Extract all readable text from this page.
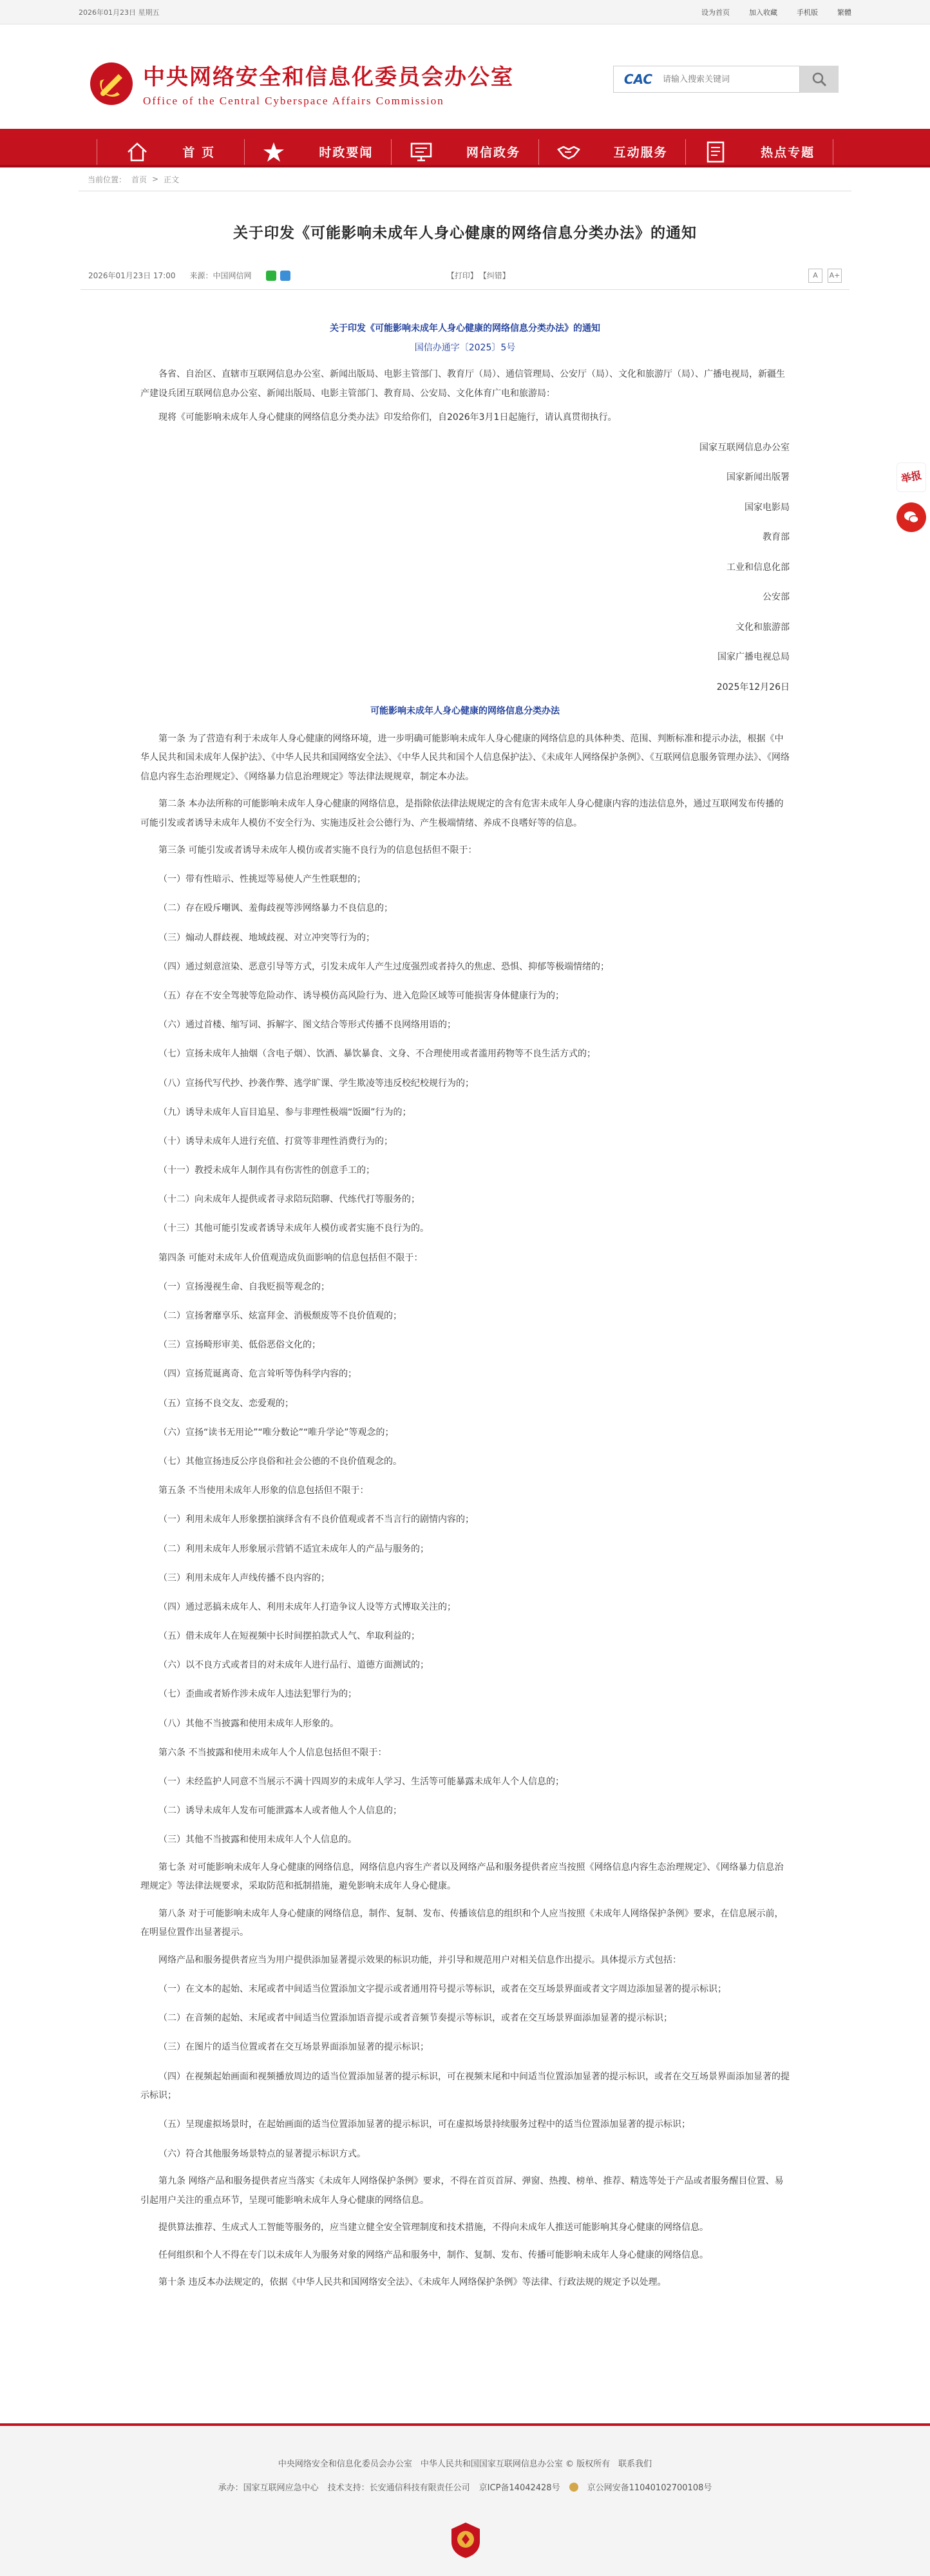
2026年01月23日 星期五	设为首页	加入收藏	手机版	繁體
中央网络安全和信息化委员会办公室
Office of the Central Cyberspace Affairs Commission
CAC
请输入搜索关键词
首 页	时政要闻	网信政务	互动服务	热点专题
当前位置： 首页 > 正文
关于印发《可能影响未成年人身心健康的网络信息分类办法》的通知
2026年01月23日 17:00 来源：中国网信网	【打印】 【纠错】	A	A+

关于印发《可能影响未成年人身心健康的网络信息分类办法》的通知

国信办通字〔2025〕5号

各省、自治区、直辖市互联网信息办公室、新闻出版局、电影主管部门、教育厅（局）、通信管理局、公安厅（局）、文化和旅游厅（局）、广播电视局，新疆生产建设兵团互联网信息办公室、新闻出版局、电影主管部门、教育局、公安局、文化体育广电和旅游局：

现将《可能影响未成年人身心健康的网络信息分类办法》印发给你们，自2026年3月1日起施行，请认真贯彻执行。

国家互联网信息办公室

国家新闻出版署

国家电影局

教育部

工业和信息化部

公安部

文化和旅游部

国家广播电视总局

2025年12月26日

可能影响未成年人身心健康的网络信息分类办法

第一条 为了营造有利于未成年人身心健康的网络环境，进一步明确可能影响未成年人身心健康的网络信息的具体种类、范围、判断标准和提示办法，根据《中华人民共和国未成年人保护法》、《中华人民共和国网络安全法》、《中华人民共和国个人信息保护法》、《未成年人网络保护条例》、《互联网信息服务管理办法》、《网络信息内容生态治理规定》、《网络暴力信息治理规定》等法律法规规章，制定本办法。

第二条 本办法所称的可能影响未成年人身心健康的网络信息，是指除依法律法规规定的含有危害未成年人身心健康内容的违法信息外，通过互联网发布传播的可能引发或者诱导未成年人模仿不安全行为、实施违反社会公德行为、产生极端情绪、养成不良嗜好等的信息。

第三条 可能引发或者诱导未成年人模仿或者实施不良行为的信息包括但不限于：

（一）带有性暗示、性挑逗等易使人产生性联想的；

（二）存在殴斥嘲讽、羞侮歧视等涉网络暴力不良信息的；

（三）煽动人群歧视、地域歧视、对立冲突等行为的；

（四）通过刻意渲染、恶意引导等方式，引发未成年人产生过度强烈或者持久的焦虑、恐惧、抑郁等极端情绪的；

（五）存在不安全驾驶等危险动作、诱导模仿高风险行为、进入危险区域等可能损害身体健康行为的；

（六）通过首楼、缩写词、拆解字、图文结合等形式传播不良网络用语的；

（七）宣扬未成年人抽烟（含电子烟）、饮酒、暴饮暴食、文身、不合理使用或者滥用药物等不良生活方式的；

（八）宣扬代写代抄、抄袭作弊、逃学旷课、学生欺凌等违反校纪校规行为的；

（九）诱导未成年人盲目追星、参与非理性极端“饭圈”行为的；

（十）诱导未成年人进行充值、打赏等非理性消费行为的；

（十一）教授未成年人制作具有伤害性的创意手工的；

（十二）向未成年人提供或者寻求陪玩陪聊、代练代打等服务的；

（十三）其他可能引发或者诱导未成年人模仿或者实施不良行为的。

第四条 可能对未成年人价值观造成负面影响的信息包括但不限于：

（一）宣扬漫视生命、自我贬损等观念的；

（二）宣扬奢靡享乐、炫富拜金、消极颓废等不良价值观的；

（三）宣扬畸形审美、低俗恶俗文化的；

（四）宣扬荒诞离奇、危言耸听等伪科学内容的；

（五）宣扬不良交友、恋爱观的；

（六）宣扬“读书无用论”“唯分数论”“唯升学论”等观念的；

（七）其他宣扬违反公序良俗和社会公德的不良价值观念的。

第五条 不当使用未成年人形象的信息包括但不限于：

（一）利用未成年人形象摆拍演绎含有不良价值观或者不当言行的剧情内容的；

（二）利用未成年人形象展示营销不适宜未成年人的产品与服务的；

（三）利用未成年人声线传播不良内容的；

（四）通过恶搞未成年人、利用未成年人打造争议人设等方式博取关注的；

（五）借未成年人在短视频中长时间摆拍款式人气、牟取利益的；

（六）以不良方式或者目的对未成年人进行品行、道德方面测试的；

（七）歪曲或者矫作涉未成年人违法犯罪行为的；

（八）其他不当披露和使用未成年人形象的。

第六条 不当披露和使用未成年人个人信息包括但不限于：

（一）未经监护人同意不当展示不满十四周岁的未成年人学习、生活等可能暴露未成年人个人信息的；

（二）诱导未成年人发布可能泄露本人或者他人个人信息的；

（三）其他不当披露和使用未成年人个人信息的。

第七条 对可能影响未成年人身心健康的网络信息，网络信息内容生产者以及网络产品和服务提供者应当按照《网络信息内容生态治理规定》、《网络暴力信息治理规定》等法律法规要求，采取防范和抵制措施，避免影响未成年人身心健康。

第八条 对于可能影响未成年人身心健康的网络信息，制作、复制、发布、传播该信息的组织和个人应当按照《未成年人网络保护条例》要求，在信息展示前，在明显位置作出显著提示。

网络产品和服务提供者应当为用户提供添加显著提示效果的标识功能，并引导和规范用户对相关信息作出提示。具体提示方式包括：

（一）在文本的起始、末尾或者中间适当位置添加文字提示或者通用符号提示等标识，或者在交互场景界面或者文字周边添加显著的提示标识；

（二）在音频的起始、末尾或者中间适当位置添加语音提示或者音频节奏提示等标识，或者在交互场景界面添加显著的提示标识；

（三）在图片的适当位置或者在交互场景界面添加显著的提示标识；

（四）在视频起始画面和视频播放周边的适当位置添加显著的提示标识，可在视频末尾和中间适当位置添加显著的提示标识，或者在交互场景界面添加显著的提示标识；

（五）呈现虚拟场景时，在起始画面的适当位置添加显著的提示标识，可在虚拟场景持续服务过程中的适当位置添加显著的提示标识；

（六）符合其他服务场景特点的显著提示标识方式。

第九条 网络产品和服务提供者应当落实《未成年人网络保护条例》要求，不得在首页首屏、弹窗、热搜、榜单、推荐、精选等处于产品或者服务醒目位置、易引起用户关注的重点环节，呈现可能影响未成年人身心健康的网络信息。

提供算法推荐、生成式人工智能等服务的，应当建立健全安全管理制度和技术措施，不得向未成年人推送可能影响其身心健康的网络信息。

任何组织和个人不得在专门以未成年人为服务对象的网络产品和服务中，制作、复制、发布、传播可能影响未成年人身心健康的网络信息。

第十条 违反本办法规定的，依据《中华人民共和国网络安全法》、《未成年人网络保护条例》等法律、行政法规的规定予以处理。

举报
中央网络安全和信息化委员会办公室　中华人民共和国国家互联网信息办公室 © 版权所有　联系我们
承办：国家互联网应急中心 技术支持：长安通信科技有限责任公司 京ICP备14042428号	京公网安备11040102700108号
